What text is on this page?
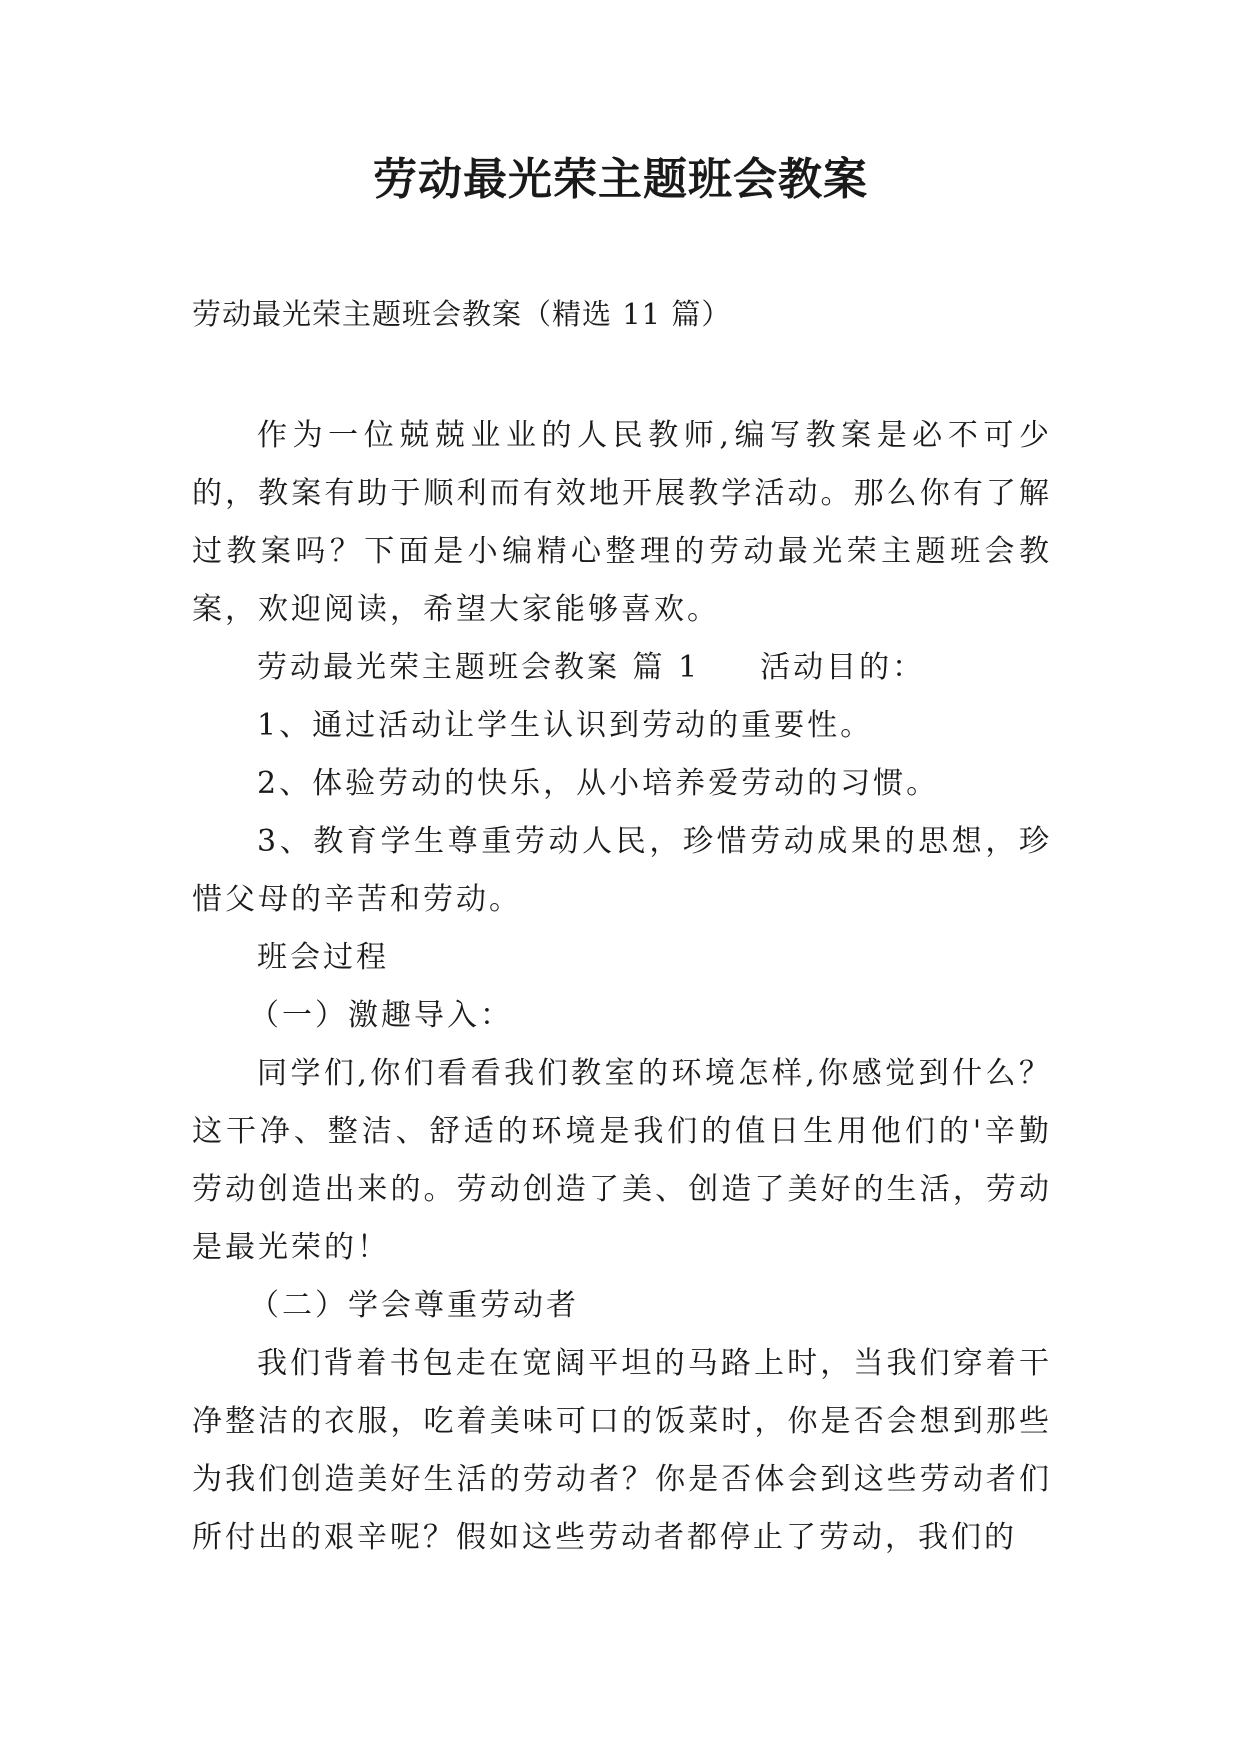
劳动最光荣主题班会教案

劳动最光荣主题班会教案（精选 11 篇）

作为一位兢兢业业的人民教师,编写教案是必不可少的，教案有助于顺利而有效地开展教学活动。那么你有了解过教案吗？下面是小编精心整理的劳动最光荣主题班会教案，欢迎阅读，希望大家能够喜欢。

劳动最光荣主题班会教案 篇 1 活动目的：

1、通过活动让学生认识到劳动的重要性。

2、体验劳动的快乐，从小培养爱劳动的习惯。

3、教育学生尊重劳动人民，珍惜劳动成果的思想，珍惜父母的辛苦和劳动。

班会过程

（一）激趣导入：

同学们,你们看看我们教室的环境怎样,你感觉到什么？这干净、整洁、舒适的环境是我们的值日生用他们的'辛勤劳动创造出来的。劳动创造了美、创造了美好的生活，劳动是最光荣的！

（二）学会尊重劳动者

我们背着书包走在宽阔平坦的马路上时，当我们穿着干净整洁的衣服，吃着美味可口的饭菜时，你是否会想到那些为我们创造美好生活的劳动者？你是否体会到这些劳动者们所付出的艰辛呢？假如这些劳动者都停止了劳动，我们的
